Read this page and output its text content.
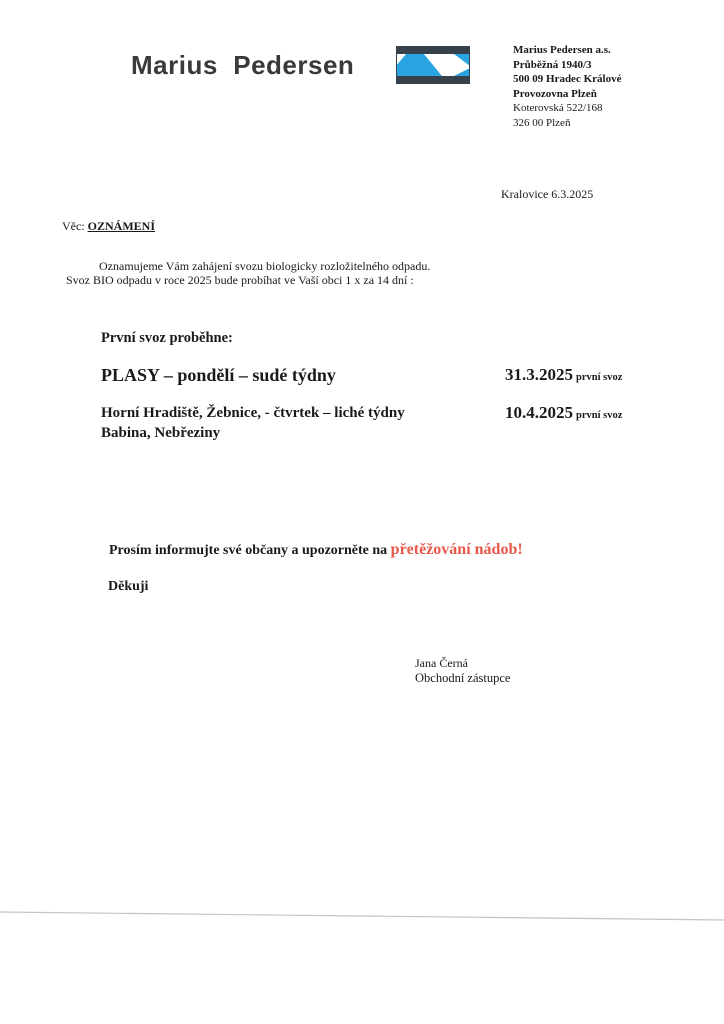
Marius  Pedersen	Marius Pedersen a.s.
Průběžná 1940/3
500 09 Hradec Králové
Provozovna Plzeň
Koterovská 522/168
326 00 Plzeň
Kralovice 6.3.2025
Věc: OZNÁMENÍ
Oznamujeme Vám zahájení svozu biologicky rozložitelného odpadu.
Svoz BIO odpadu v roce 2025 bude probíhat ve Vaší obci 1 x za 14 dní :
První svoz proběhne:
PLASY – pondělí – sudé týdny	31.3.2025 první svoz
Horní Hradiště, Žebnice, - čtvrtek – liché týdny
Babina, Nebřeziny
10.4.2025 první svoz
Prosím informujte své občany a upozorněte na přetěžování nádob!
Děkuji
Jana Černá
Obchodní zástupce
